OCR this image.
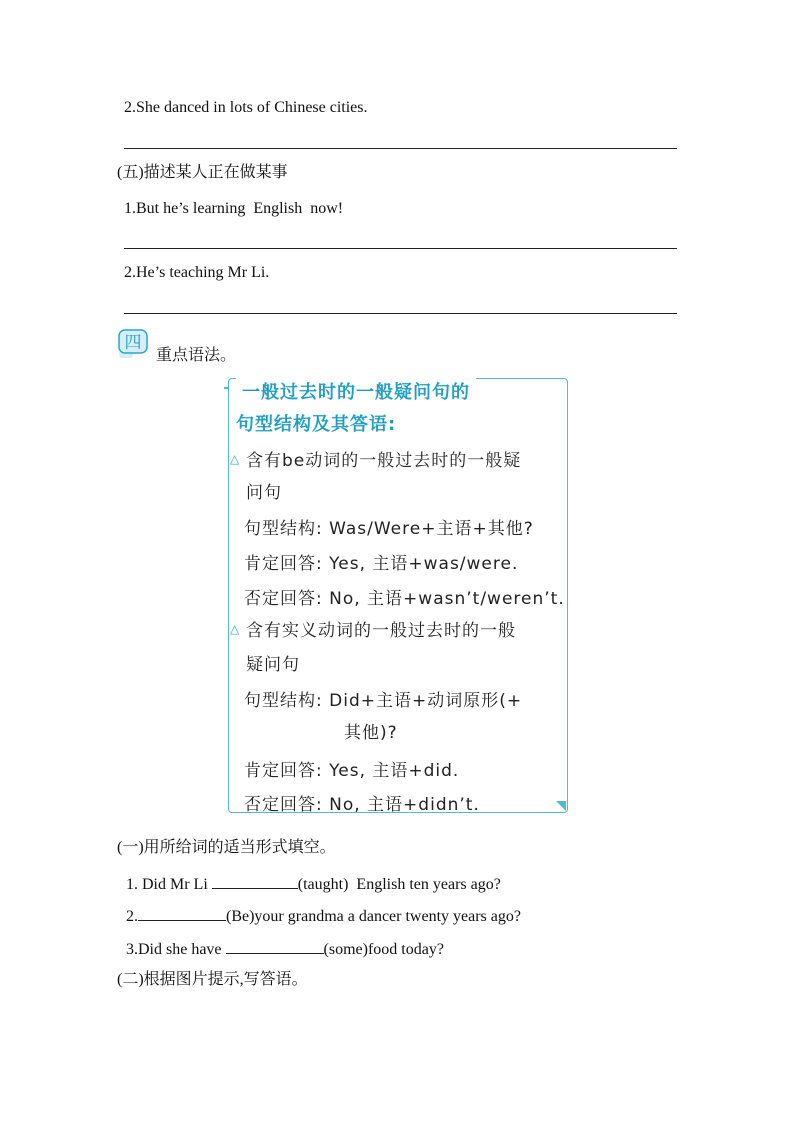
2.She danced in lots of Chinese cities.
(五)描述某人正在做某事
1.But he’s learning  English  now!
2.He’s teaching Mr Li.
四
重点语法。
一般过去时的一般疑问句的
句型结构及其答语:
△ 含有be动词的一般过去时的一般疑
问句
句型结构: Was/Were+主语+其他?
肯定回答: Yes, 主语+was/were.
否定回答: No, 主语+wasn’t/weren’t.
△ 含有实义动词的一般过去时的一般
疑问句
句型结构: Did+主语+动词原形(+
其他)?
肯定回答: Yes, 主语+did.
否定回答: No, 主语+didn’t.
(一)用所给词的适当形式填空。
1. Did Mr Li	(taught)  English ten years ago?
2.	(Be)your grandma a dancer twenty years ago?
3.Did she have	(some)food today?
(二)根据图片提示,写答语。
